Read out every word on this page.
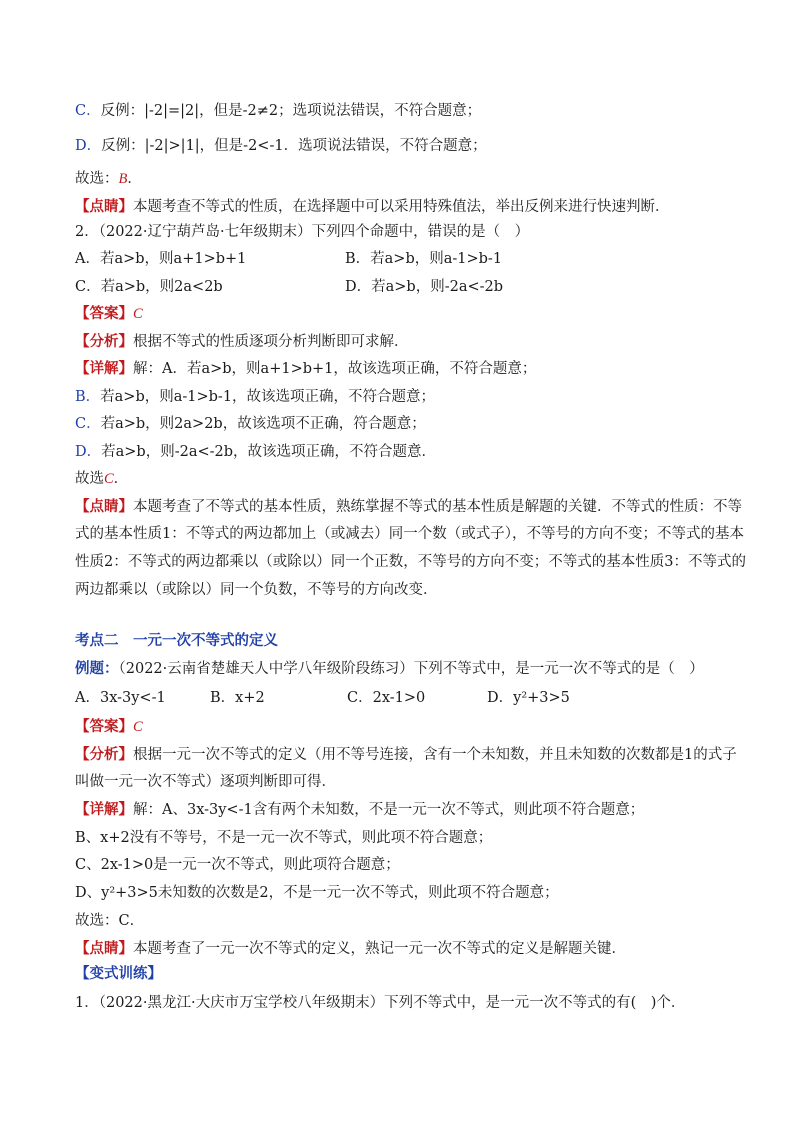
C．反例：|-2|=|2|，但是-2≠2；选项说法错误，不符合题意；
D．反例：|-2|>|1|，但是-2<-1．选项说法错误，不符合题意；
故选：B．
【点睛】本题考查不等式的性质，在选择题中可以采用特殊值法，举出反例来进行快速判断．
2．（2022·辽宁葫芦岛·七年级期末）下列四个命题中，错误的是（　）
A．若a>b，则a+1>b+1	B．若a>b，则a-1>b-1
C．若a>b，则2a<2b	D．若a>b，则-2a<-2b
【答案】C
【分析】根据不等式的性质逐项分析判断即可求解．
【详解】解：A．若a>b，则a+1>b+1，故该选项正确，不符合题意；
B．若a>b，则a-1>b-1，故该选项正确，不符合题意；
C．若a>b，则2a>2b，故该选项不正确，符合题意；
D．若a>b，则-2a<-2b，故该选项正确，不符合题意．
故选C．
【点睛】本题考查了不等式的基本性质，熟练掌握不等式的基本性质是解题的关键．不等式的性质：不等
式的基本性质1：不等式的两边都加上（或减去）同一个数（或式子），不等号的方向不变；不等式的基本
性质2：不等式的两边都乘以（或除以）同一个正数，不等号的方向不变；不等式的基本性质3：不等式的
两边都乘以（或除以）同一个负数，不等号的方向改变．
考点二　一元一次不等式的定义
例题：（2022·云南省楚雄天人中学八年级阶段练习）下列不等式中，是一元一次不等式的是（　）
A．3x-3y<-1	B．x+2	C．2x-1>0	D．y²+3>5
【答案】C
【分析】根据一元一次不等式的定义（用不等号连接，含有一个未知数，并且未知数的次数都是1的式子
叫做一元一次不等式）逐项判断即可得．
【详解】解：A、3x-3y<-1含有两个未知数，不是一元一次不等式，则此项不符合题意；
B、x+2没有不等号，不是一元一次不等式，则此项不符合题意；
C、2x-1>0是一元一次不等式，则此项符合题意；
D、y²+3>5未知数的次数是2，不是一元一次不等式，则此项不符合题意；
故选：C．
【点睛】本题考查了一元一次不等式的定义，熟记一元一次不等式的定义是解题关键．
【变式训练】
1．（2022·黑龙江·大庆市万宝学校八年级期末）下列不等式中，是一元一次不等式的有(　)个．
